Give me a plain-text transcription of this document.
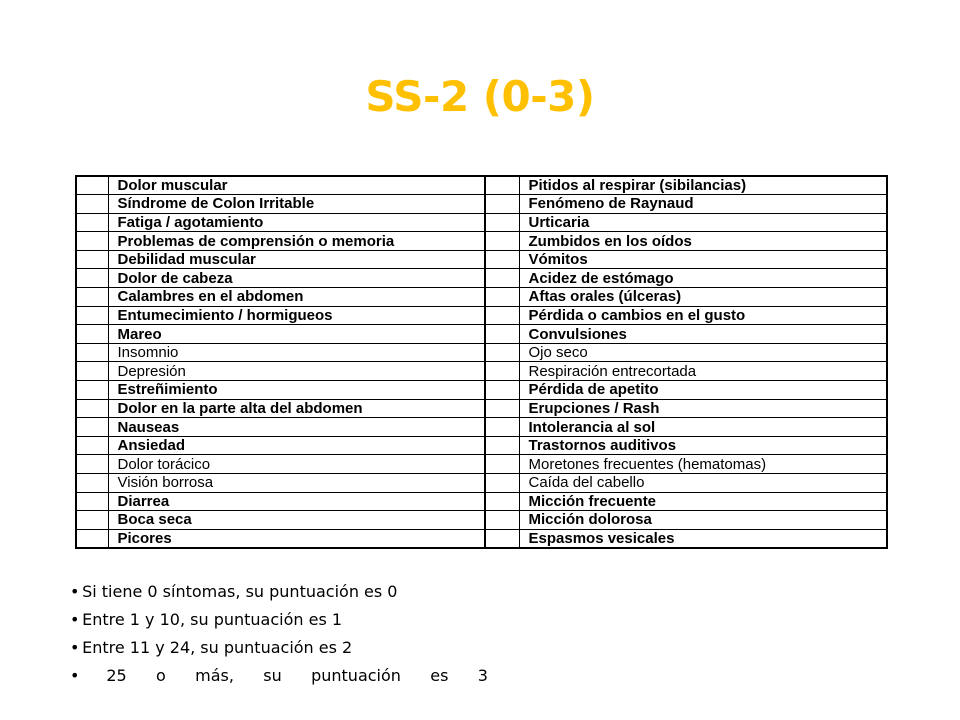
SS-2 (0-3)
	Dolor muscular		Pitidos al respirar (sibilancias)
	Síndrome de Colon Irritable		Fenómeno de Raynaud
	Fatiga / agotamiento		Urticaria
	Problemas de comprensión o memoria		Zumbidos en los oídos
	Debilidad muscular		Vómitos
	Dolor de cabeza		Acidez de estómago
	Calambres en el abdomen		Aftas orales (úlceras)
	Entumecimiento / hormigueos		Pérdida o cambios en el gusto
	Mareo		Convulsiones
	Insomnio		Ojo seco
	Depresión		Respiración entrecortada
	Estreñimiento		Pérdida de apetito
	Dolor en la parte alta del abdomen		Erupciones / Rash
	Nauseas		Intolerancia al sol
	Ansiedad		Trastornos auditivos
	Dolor torácico		Moretones frecuentes (hematomas)
	Visión borrosa		Caída del cabello
	Diarrea		Micción frecuente
	Boca seca		Micción dolorosa
	Picores		Espasmos vesicales
• Si tiene 0 síntomas, su puntuación es 0
• Entre 1 y 10, su puntuación es 1
• Entre 11 y 24, su puntuación es 2
• 25 o más, su puntuación es 3
